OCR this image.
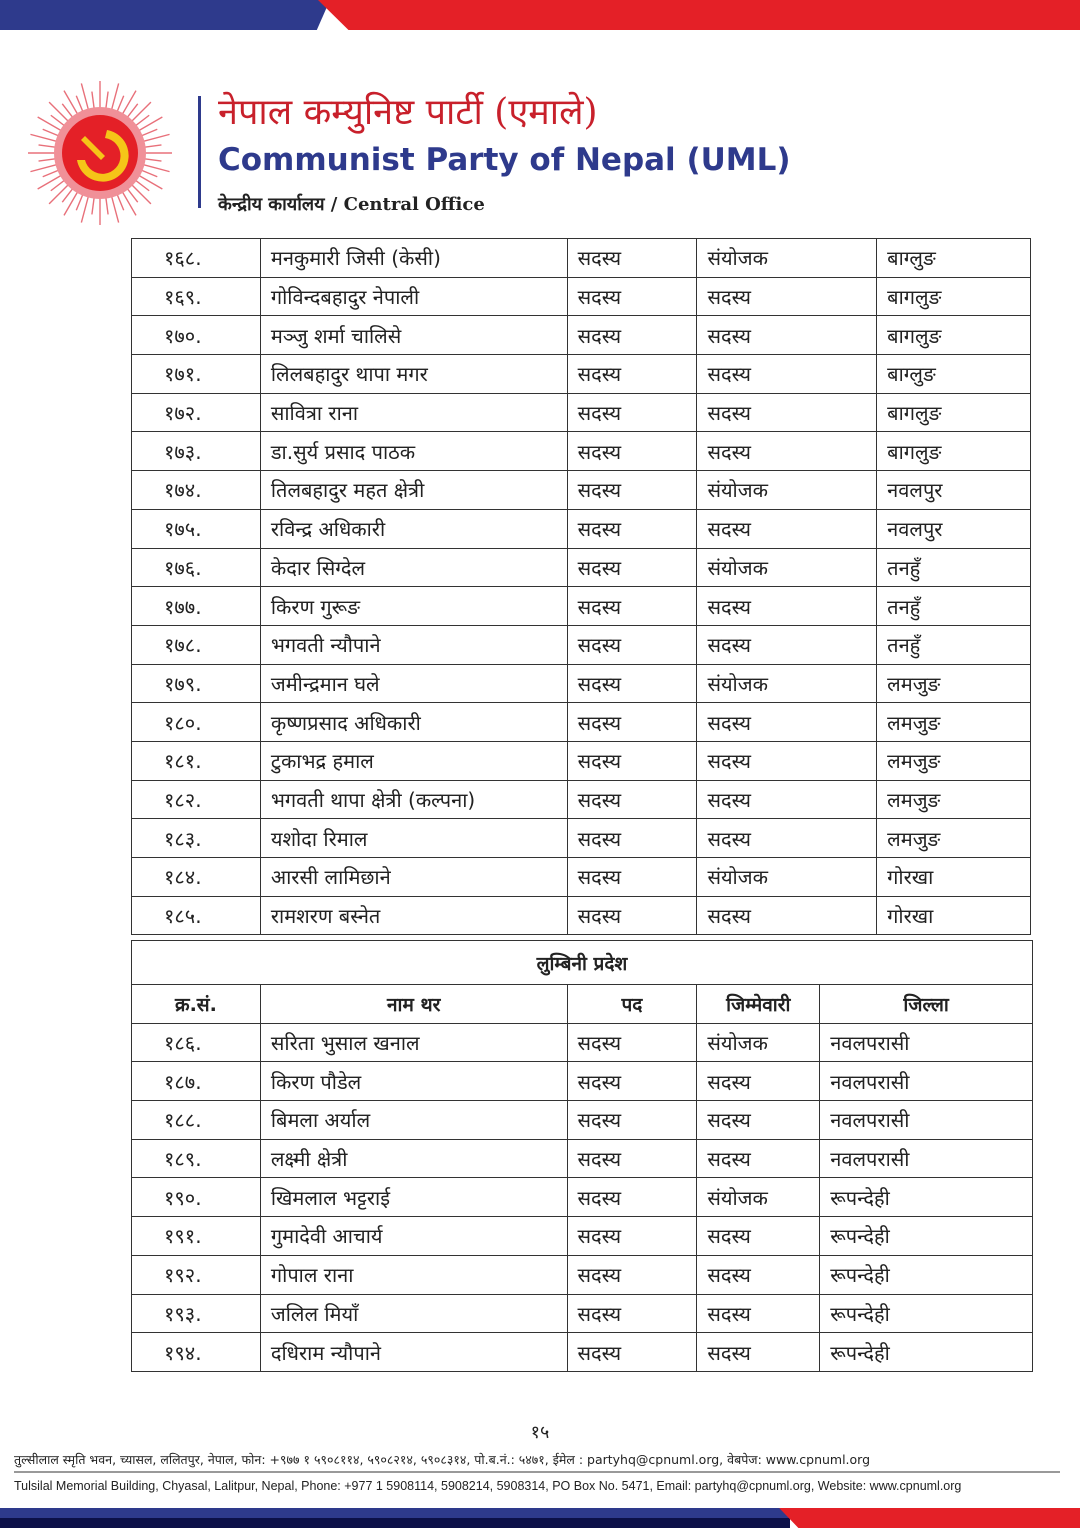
नेपाल कम्युनिष्ट पार्टी (एमाले)
Communist Party of Nepal (UML)
केन्द्रीय कार्यालय / Central Office
१६८.	मनकुमारी जिसी (केसी)	सदस्य	संयोजक	बाग्लुङ
१६९.	गोविन्दबहादुर नेपाली	सदस्य	सदस्य	बागलुङ
१७०.	मञ्जु शर्मा चालिसे	सदस्य	सदस्य	बागलुङ
१७१.	लिलबहादुर थापा मगर	सदस्य	सदस्य	बाग्लुङ
१७२.	सावित्रा राना	सदस्य	सदस्य	बागलुङ
१७३.	डा.सुर्य प्रसाद पाठक	सदस्य	सदस्य	बागलुङ
१७४.	तिलबहादुर महत क्षेत्री	सदस्य	संयोजक	नवलपुर
१७५.	रविन्द्र अधिकारी	सदस्य	सदस्य	नवलपुर
१७६.	केदार सिग्देल	सदस्य	संयोजक	तनहुँ
१७७.	किरण गुरूङ	सदस्य	सदस्य	तनहुँ
१७८.	भगवती न्यौपाने	सदस्य	सदस्य	तनहुँ
१७९.	जमीन्द्रमान घले	सदस्य	संयोजक	लमजुङ
१८०.	कृष्णप्रसाद अधिकारी	सदस्य	सदस्य	लमजुङ
१८१.	टुकाभद्र हमाल	सदस्य	सदस्य	लमजुङ
१८२.	भगवती थापा क्षेत्री (कल्पना)	सदस्य	सदस्य	लमजुङ
१८३.	यशोदा रिमाल	सदस्य	सदस्य	लमजुङ
१८४.	आरसी लामिछाने	सदस्य	संयोजक	गोरखा
१८५.	रामशरण बस्नेत	सदस्य	सदस्य	गोरखा
लुम्बिनी प्रदेश				
क्र.सं.	नाम थर	पद	जिम्मेवारी	जिल्ला
१८६.	सरिता भुसाल खनाल	सदस्य	संयोजक	नवलपरासी
१८७.	किरण पौडेल	सदस्य	सदस्य	नवलपरासी
१८८.	बिमला अर्याल	सदस्य	सदस्य	नवलपरासी
१८९.	लक्ष्मी क्षेत्री	सदस्य	सदस्य	नवलपरासी
१९०.	खिमलाल भट्टराई	सदस्य	संयोजक	रूपन्देही
१९१.	गुमादेवी आचार्य	सदस्य	सदस्य	रूपन्देही
१९२.	गोपाल राना	सदस्य	सदस्य	रूपन्देही
१९३.	जलिल मियाँ	सदस्य	सदस्य	रूपन्देही
१९४.	दधिराम न्यौपाने	सदस्य	सदस्य	रूपन्देही
१५
तुल्सीलाल स्मृति भवन, च्यासल, ललितपुर, नेपाल, फोन: +९७७ १ ५९०८११४, ५९०८२१४, ५९०८३१४, पो.ब.नं.: ५४७१, ईमेल : partyhq@cpnuml.org, वेबपेज: www.cpnuml.org
Tulsilal Memorial Building, Chyasal, Lalitpur, Nepal, Phone: +977 1 5908114, 5908214, 5908314, PO Box No. 5471, Email: partyhq@cpnuml.org, Website: www.cpnuml.org
